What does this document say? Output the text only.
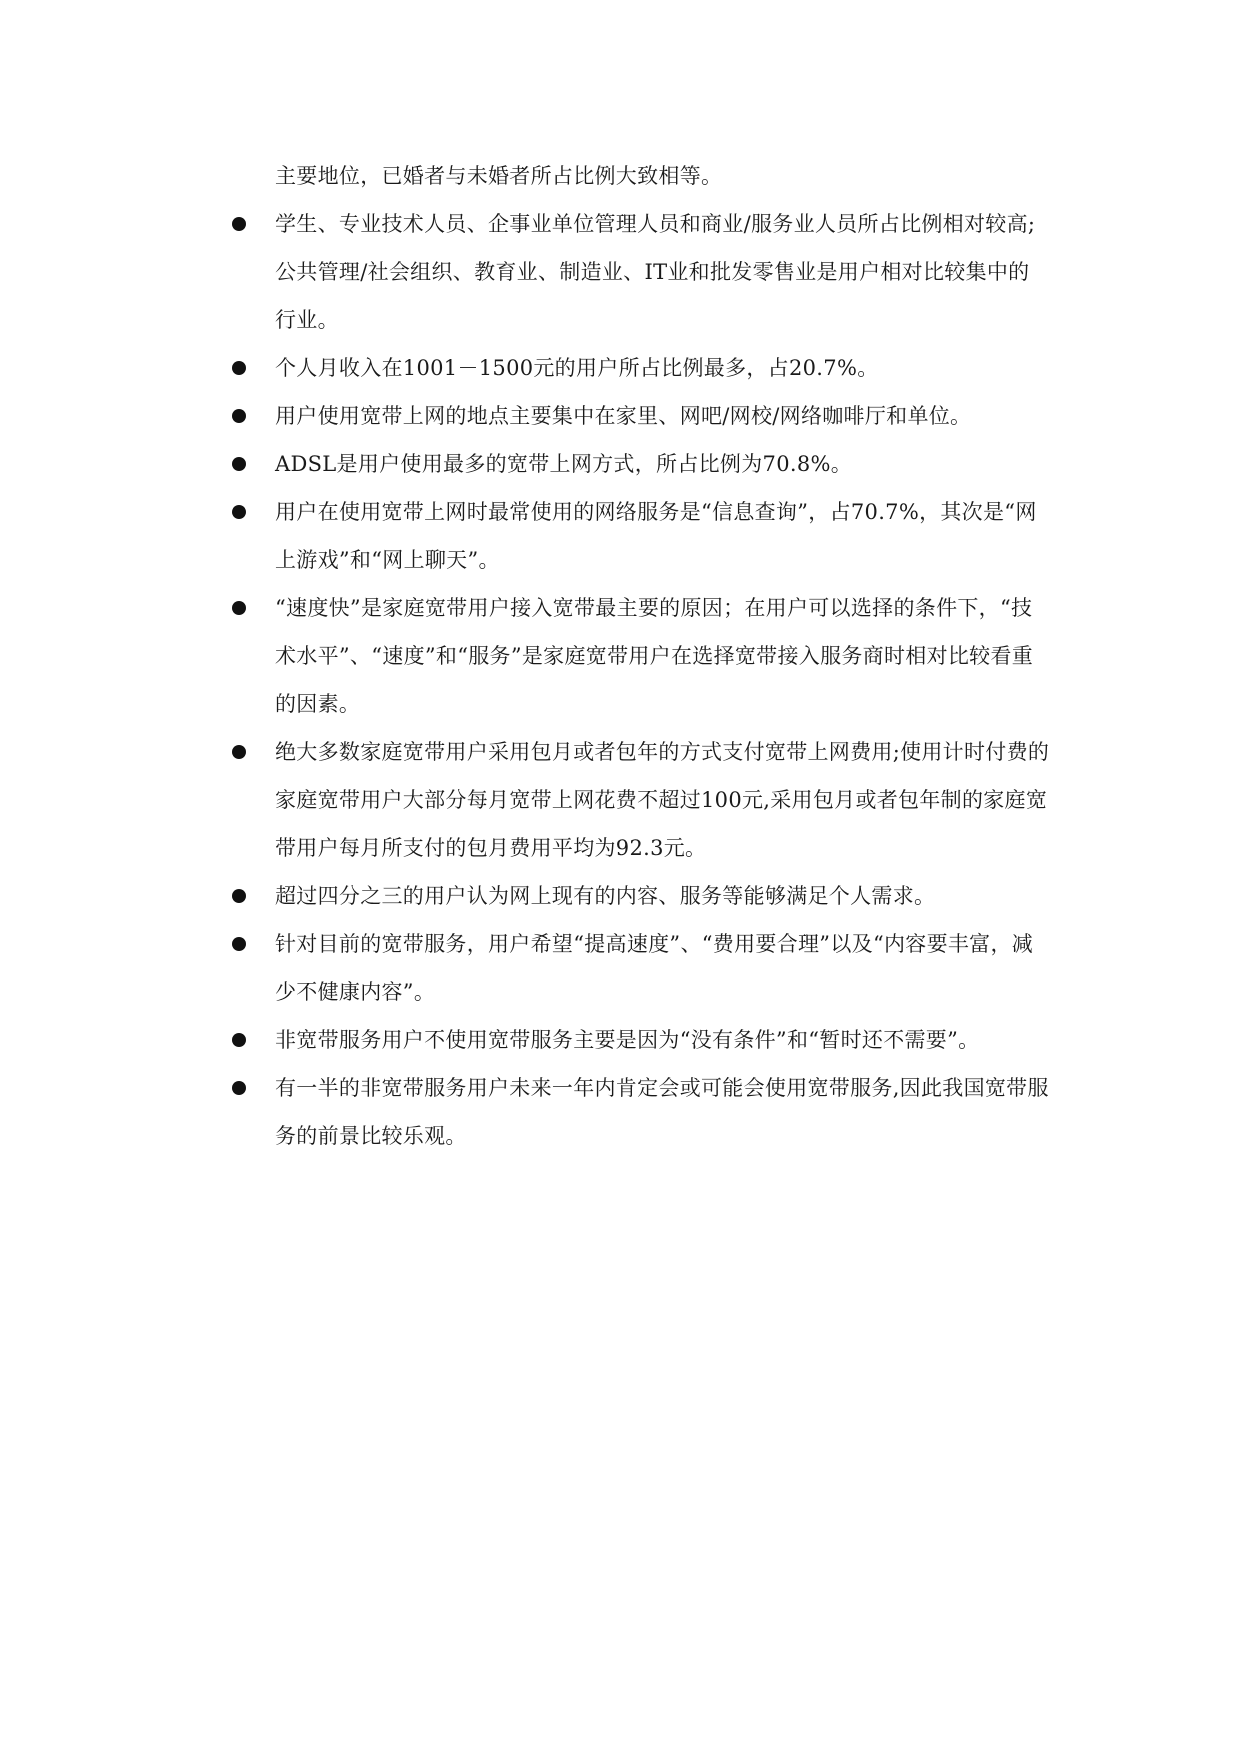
主要地位，已婚者与未婚者所占比例大致相等。

学生、专业技术人员、企事业单位管理人员和商业/服务业人员所占比例相对较高;公共管理/社会组织、教育业、制造业、IT业和批发零售业是用户相对比较集中的行业。
个人月收入在1001－1500元的用户所占比例最多，占20.7%。
用户使用宽带上网的地点主要集中在家里、网吧/网校/网络咖啡厅和单位。
ADSL是用户使用最多的宽带上网方式，所占比例为70.8%。
用户在使用宽带上网时最常使用的网络服务是“信息查询”，占70.7%，其次是“网上游戏”和“网上聊天”。
“速度快”是家庭宽带用户接入宽带最主要的原因；在用户可以选择的条件下，“技术水平”、“速度”和“服务”是家庭宽带用户在选择宽带接入服务商时相对比较看重的因素。
绝大多数家庭宽带用户采用包月或者包年的方式支付宽带上网费用;使用计时付费的家庭宽带用户大部分每月宽带上网花费不超过100元,采用包月或者包年制的家庭宽带用户每月所支付的包月费用平均为92.3元。
超过四分之三的用户认为网上现有的内容、服务等能够满足个人需求。
针对目前的宽带服务，用户希望“提高速度”、“费用要合理”以及“内容要丰富，减少不健康内容”。
非宽带服务用户不使用宽带服务主要是因为“没有条件”和“暂时还不需要”。
有一半的非宽带服务用户未来一年内肯定会或可能会使用宽带服务,因此我国宽带服务的前景比较乐观。
